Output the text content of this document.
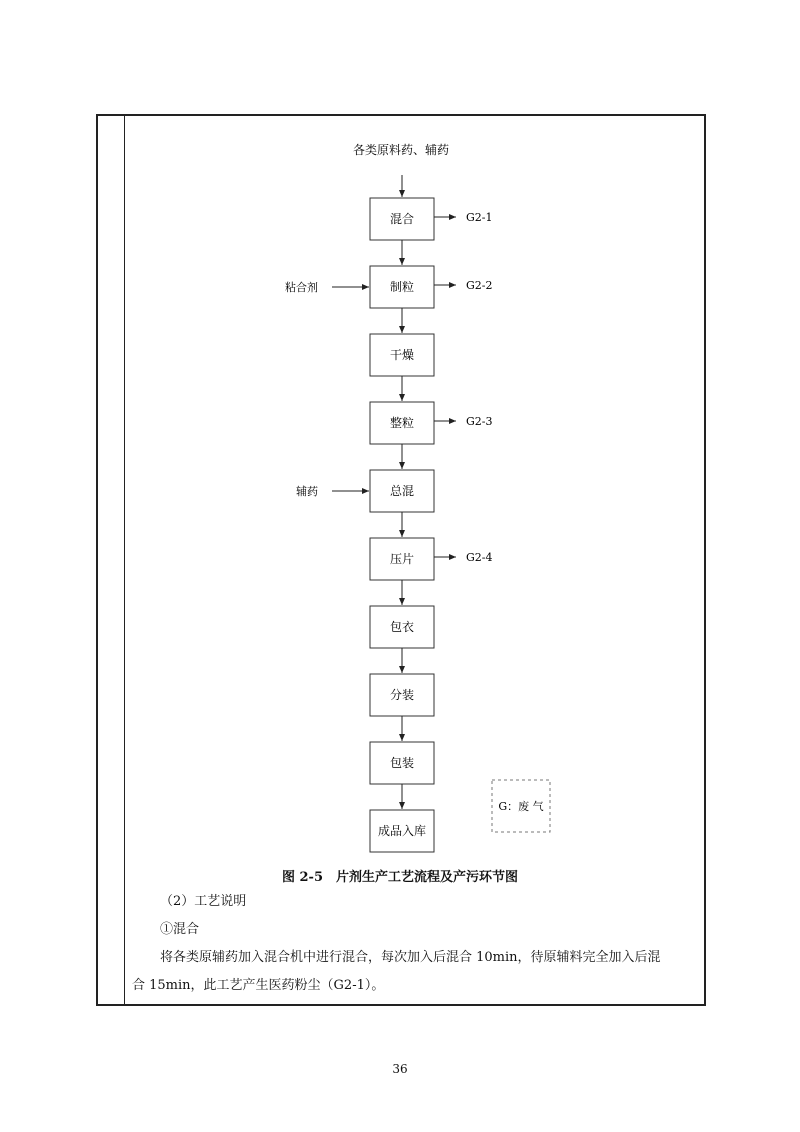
各类原料药、辅药
混合
制粒
干燥
整粒
总混
压片
包衣
分装
包装
成品入库
G2-1
G2-2
G2-3
G2-4
粘合剂
辅药
G：废 气
图 2-5　片剂生产工艺流程及产污环节图
（2）工艺说明
①混合
将各类原辅药加入混合机中进行混合，每次加入后混合 10min，待原辅料完全加入后混
合 15min，此工艺产生医药粉尘（G2-1）。
36
